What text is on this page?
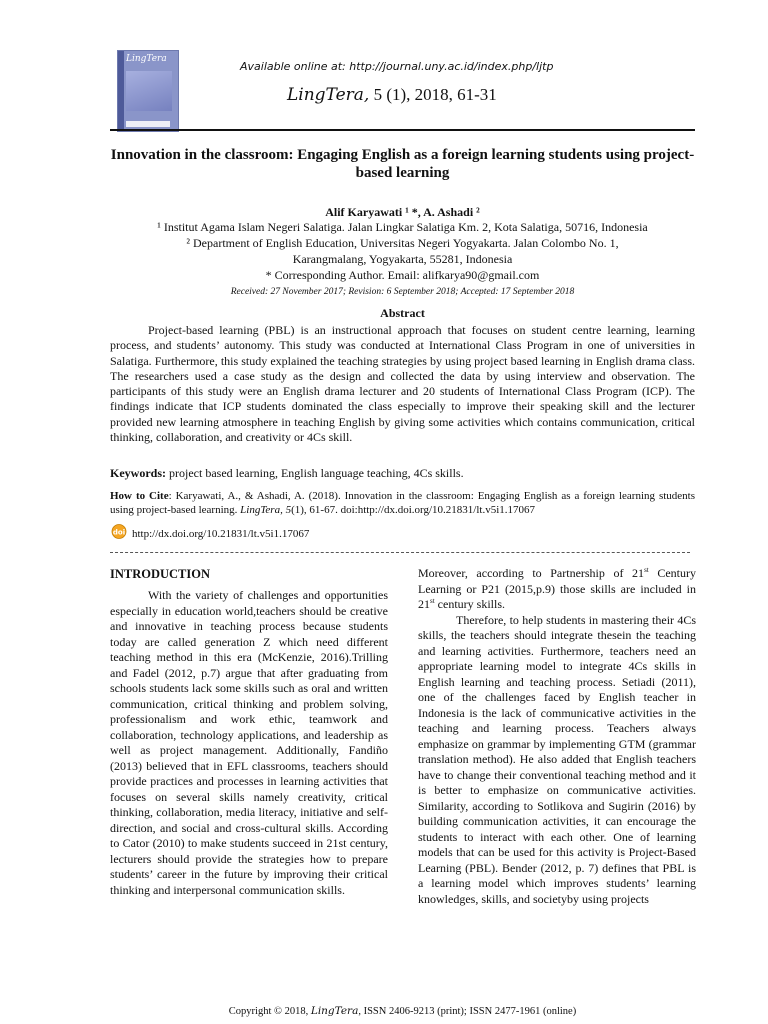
LingTera
Available online at: http://journal.uny.ac.id/index.php/ljtp
LingTera, 5 (1), 2018, 61-31
Innovation in the classroom: Engaging English as a foreign learning students using project-based learning
Alif Karyawati ¹ *, A. Ashadi ²
¹ Institut Agama Islam Negeri Salatiga. Jalan Lingkar Salatiga Km. 2, Kota Salatiga, 50716, Indonesia
² Department of English Education, Universitas Negeri Yogyakarta. Jalan Colombo No. 1,
Karangmalang, Yogyakarta, 55281, Indonesia
* Corresponding Author. Email: alifkarya90@gmail.com
Received: 27 November 2017; Revision: 6 September 2018; Accepted: 17 September 2018
Abstract

Project-based learning (PBL) is an instructional approach that focuses on student centre learning, learning process, and students’ autonomy. This study was conducted at International Class Program in one of universities in Salatiga. Furthermore, this study explained the teaching strategies by using project based learning in English drama class. The researchers used a case study as the design and collected the data by using interview and observation. The participants of this study were an English drama lecturer and 20 students of International Class Program (ICP). The findings indicate that ICP students dominated the class especially to improve their speaking skill and the lecturer provided new learning atmosphere in teaching English by giving some activities which contains communication, critical thinking, collaboration, and creativity or 4Cs skill.

Keywords: project based learning, English language teaching, 4Cs skills.
How to Cite: Karyawati, A., & Ashadi, A. (2018). Innovation in the classroom: Engaging English as a foreign learning students using project-based learning. LingTera, 5(1), 61-67. doi:http://dx.doi.org/10.21831/lt.v5i1.17067
doi http://dx.doi.org/10.21831/lt.v5i1.17067
INTRODUCTION

With the variety of challenges and opportunities especially in education world,teachers should be creative and innovative in teaching process because students today are called generation Z which need different teaching method in this era (McKenzie, 2016).Trilling and Fadel (2012, p.7) argue that after graduating from schools students lack some skills such as oral and written communication, critical thinking and problem solving, professionalism and work ethic, teamwork and collaboration, technology applications, and leadership as well as project management. Additionally, Fandiño (2013) believed that in EFL classrooms, teachers should provide practices and processes in learning activities that focuses on several skills namely creativity, critical thinking, collaboration, media literacy, initiative and self-direction, and social and cross-cultural skills. According to Cator (2010) to make students succeed in 21st century, lecturers should provide the strategies how to prepare students’ career in the future by improving their critical thinking and interpersonal communication skills.

Moreover, according to Partnership of 21st Century Learning or P21 (2015,p.9) those skills are included in 21st century skills.

Therefore, to help students in mastering their 4Cs skills, the teachers should integrate thesein the teaching and learning activities. Furthermore, teachers need an appropriate learning model to integrate 4Cs skills in English learning and teaching process. Setiadi (2011), one of the challenges faced by English teacher in Indonesia is the lack of communicative activities in the teaching and learning process. Teachers always emphasize on grammar by implementing GTM (grammar translation method). He also added that English teachers have to change their conventional teaching method and it is better to emphasize on communicative activities. Similarity, according to Sotlikova and Sugirin (2016) by building communication activities, it can encourage the students to interact with each other. One of learning models that can be used for this activity is Project-Based Learning (PBL). Bender (2012, p. 7) defines that PBL is a learning model which improves students’ learning knowledges, skills, and societyby using projects

Copyright © 2018, LingTera, ISSN 2406-9213 (print); ISSN 2477-1961 (online)
